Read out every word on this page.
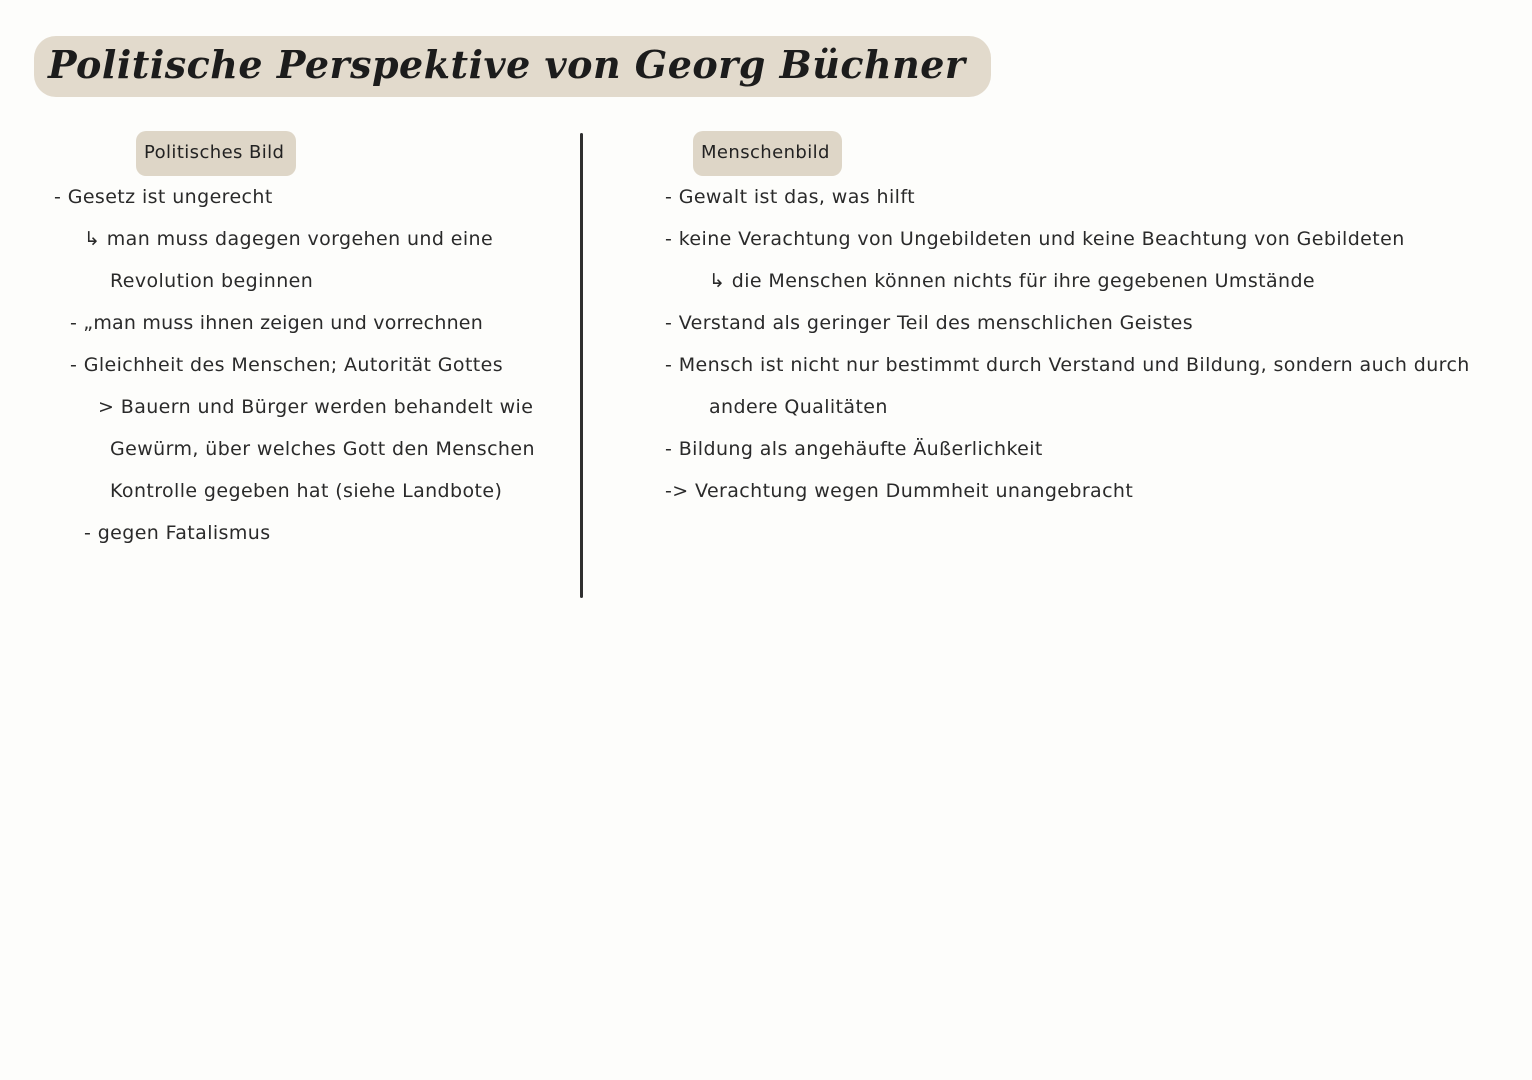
Politische Perspektive von Georg Büchner
Politisches Bild
- Gesetz ist ungerecht
↳ man muss dagegen vorgehen und eine
Revolution beginnen
- „man muss ihnen zeigen und vorrechnen
- Gleichheit des Menschen; Autorität Gottes
> Bauern und Bürger werden behandelt wie
Gewürm, über welches Gott den Menschen
Kontrolle gegeben hat (siehe Landbote)
- gegen Fatalismus
Menschenbild
- Gewalt ist das, was hilft
- keine Verachtung von Ungebildeten und keine Beachtung von Gebildeten
↳ die Menschen können nichts für ihre gegebenen Umstände
- Verstand als geringer Teil des menschlichen Geistes
- Mensch ist nicht nur bestimmt durch Verstand und Bildung, sondern auch durch
andere Qualitäten
- Bildung als angehäufte Äußerlichkeit
-> Verachtung wegen Dummheit unangebracht
